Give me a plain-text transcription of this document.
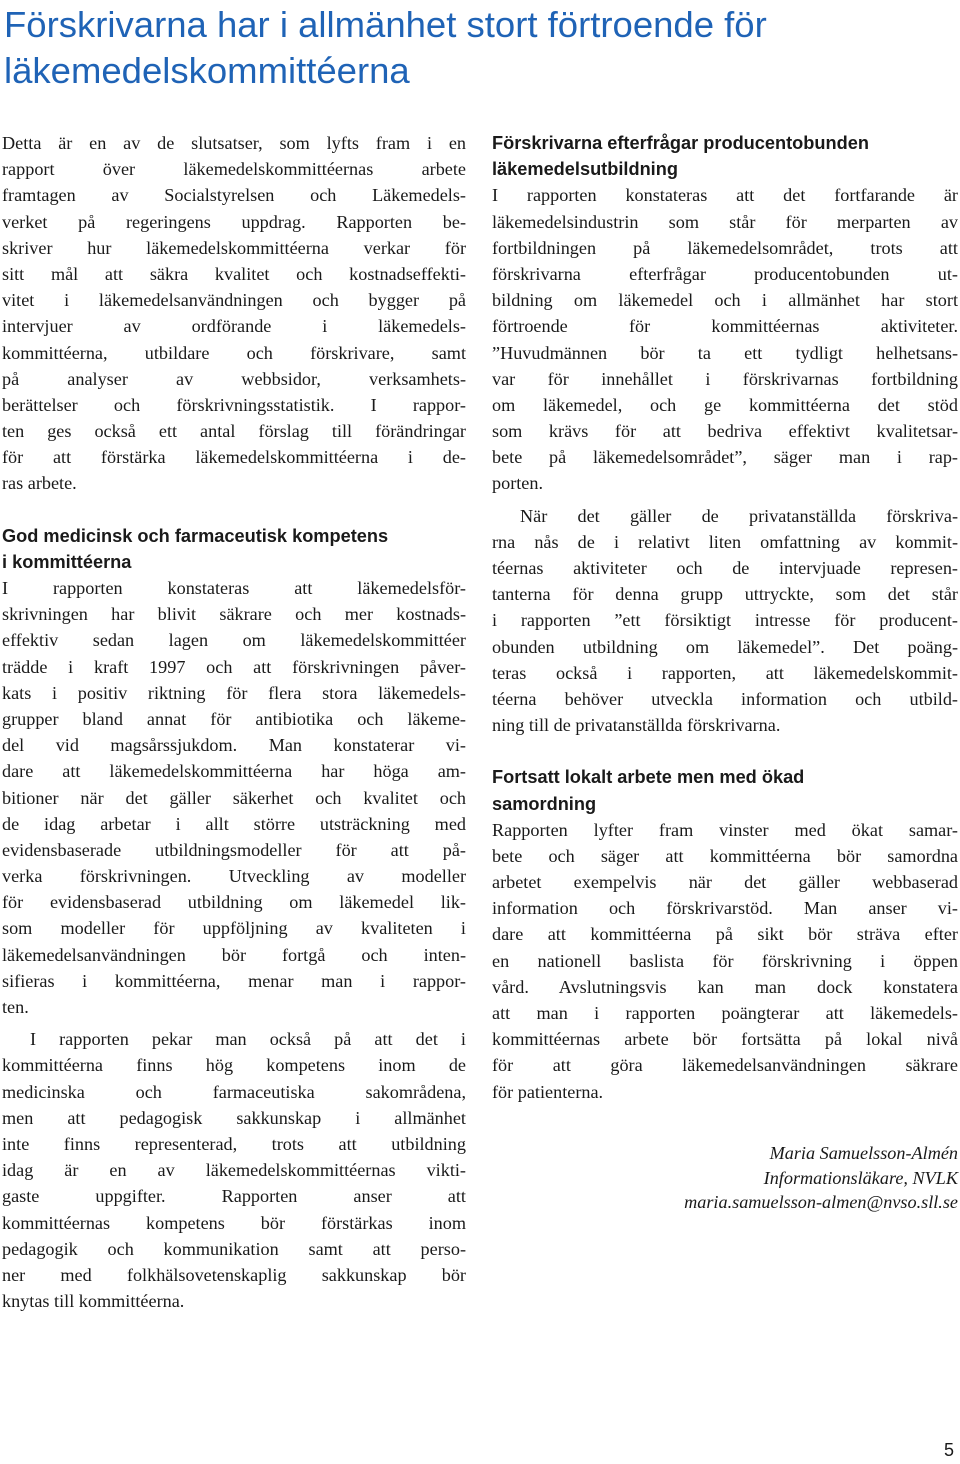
Förskrivarna har i allmänhet stort förtroende för
läkemedelskommittéerna
Detta är en av de slutsatser, som lyfts fram i en
rapport över läkemedelskommittéernas arbete
framtagen av Socialstyrelsen och Läkemedels-
verket på regeringens uppdrag. Rapporten be-
skriver hur läkemedelskommittéerna verkar för
sitt mål att säkra kvalitet och kostnadseffekti-
vitet i läkemedelsanvändningen och bygger på
intervjuer av ordförande i läkemedels-
kommittéerna, utbildare och förskrivare, samt
på analyser av webbsidor, verksamhets-
berättelser och förskrivningsstatistik. I rappor-
ten ges också ett antal förslag till förändringar
för att förstärka läkemedelskommittéerna i de-
ras arbete.
God medicinsk och farmaceutisk kompetens
i kommittéerna
I rapporten konstateras att läkemedelsför-
skrivningen har blivit säkrare och mer kostnads-
effektiv sedan lagen om läkemedelskommittéer
trädde i kraft 1997 och att förskrivningen påver-
kats i positiv riktning för flera stora läkemedels-
grupper bland annat för antibiotika och läkeme-
del vid magsårssjukdom. Man konstaterar vi-
dare att läkemedelskommittéerna har höga am-
bitioner när det gäller säkerhet och kvalitet och
de idag arbetar i allt större utsträckning med
evidensbaserade utbildningsmodeller för att på-
verka förskrivningen. Utveckling av modeller
för evidensbaserad utbildning om läkemedel lik-
som modeller för uppföljning av kvaliteten i
läkemedelsanvändningen bör fortgå och inten-
sifieras i kommittéerna, menar man i rappor-
ten.
I rapporten pekar man också på att det i
kommittéerna finns hög kompetens inom de
medicinska och farmaceutiska sakområdena,
men att pedagogisk sakkunskap i allmänhet
inte finns representerad, trots att utbildning
idag är en av läkemedelskommittéernas vikti-
gaste uppgifter. Rapporten anser att
kommittéernas kompetens bör förstärkas inom
pedagogik och kommunikation samt att perso-
ner med folkhälsovetenskaplig sakkunskap bör
knytas till kommittéerna.
Förskrivarna efterfrågar producentobunden
läkemedelsutbildning
I rapporten konstateras att det fortfarande är
läkemedelsindustrin som står för merparten av
fortbildningen på läkemedelsområdet, trots att
förskrivarna efterfrågar producentobunden ut-
bildning om läkemedel och i allmänhet har stort
förtroende för kommittéernas aktiviteter.
”Huvudmännen bör ta ett tydligt helhetsans-
var för innehållet i förskrivarnas fortbildning
om läkemedel, och ge kommittéerna det stöd
som krävs för att bedriva effektivt kvalitetsar-
bete på läkemedelsområdet”, säger man i rap-
porten.
När det gäller de privatanställda förskriva-
rna nås de i relativt liten omfattning av kommit-
téernas aktiviteter och de intervjuade represen-
tanterna för denna grupp uttryckte, som det står
i rapporten ”ett försiktigt intresse för producent-
obunden utbildning om läkemedel”. Det poäng-
teras också i rapporten, att läkemedelskommit-
téerna behöver utveckla information och utbild-
ning till de privatanställda förskrivarna.
Fortsatt lokalt arbete men med ökad
samordning
Rapporten lyfter fram vinster med ökat samar-
bete och säger att kommittéerna bör samordna
arbetet exempelvis när det gäller webbaserad
information och förskrivarstöd. Man anser vi-
dare att kommittéerna på sikt bör sträva efter
en nationell baslista för förskrivning i öppen
vård. Avslutningsvis kan man dock konstatera
att man i rapporten poängterar att läkemedels-
kommittéernas arbete bör fortsätta på lokal nivå
för att göra läkemedelsanvändningen säkrare
för patienterna.
Maria Samuelsson-Almén
Informationsläkare, NVLK
maria.samuelsson-almen@nvso.sll.se
5
